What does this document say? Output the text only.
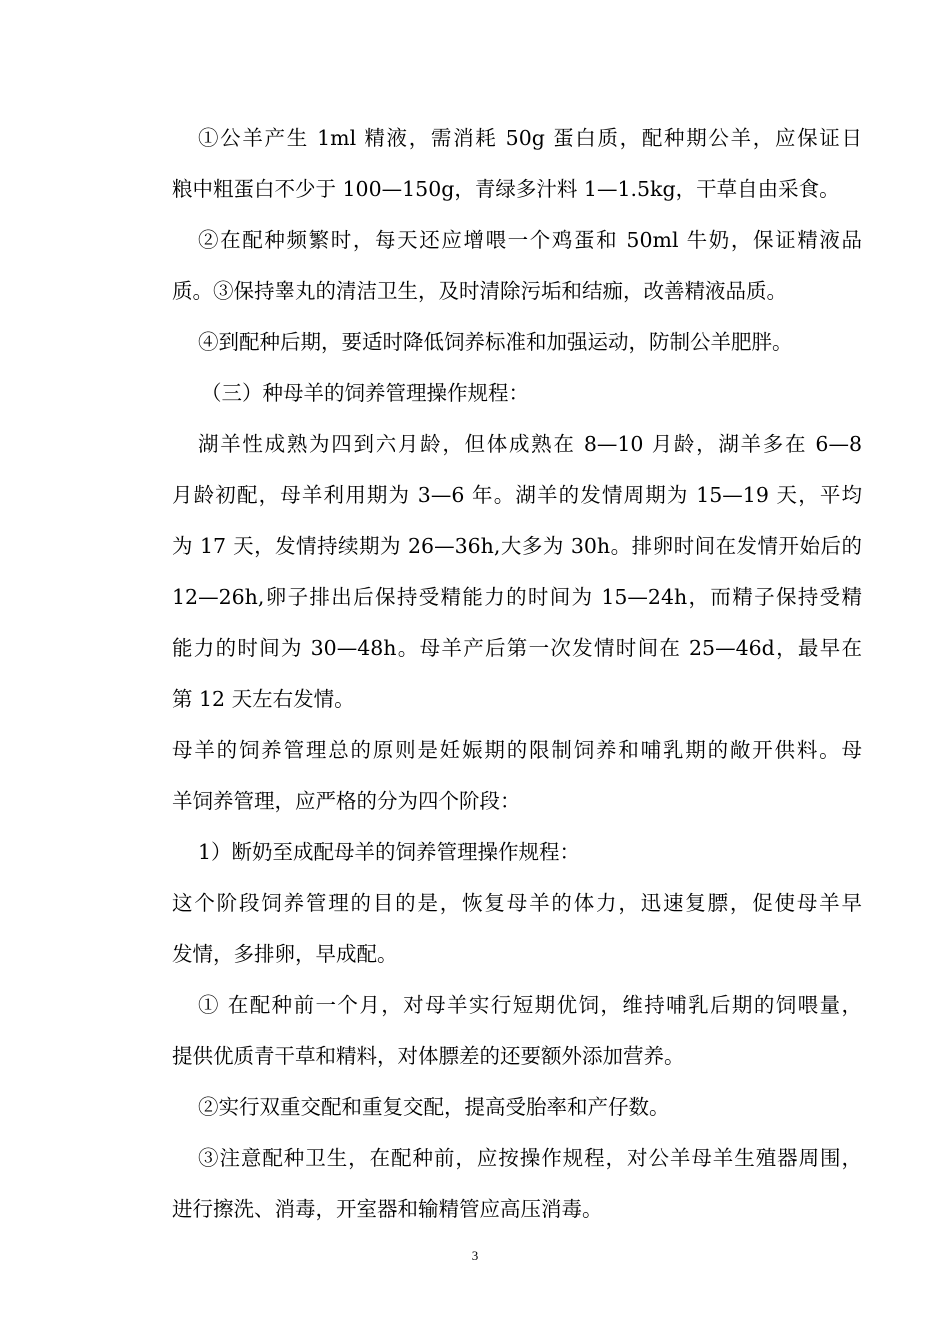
①公羊产生 1ml 精液，需消耗 50g 蛋白质，配种期公羊，应保证日
粮中粗蛋白不少于 100—150g，青绿多汁料 1—1.5kg，干草自由采食。
②在配种频繁时，每天还应增喂一个鸡蛋和 50ml 牛奶，保证精液品
质。③保持睾丸的清洁卫生，及时清除污垢和结痂，改善精液品质。
④到配种后期，要适时降低饲养标准和加强运动，防制公羊肥胖。
（三）种母羊的饲养管理操作规程：
湖羊性成熟为四到六月龄，但体成熟在 8—10 月龄，湖羊多在 6—8
月龄初配，母羊利用期为 3—6 年。湖羊的发情周期为 15—19 天，平均
为 17 天，发情持续期为 26—36h,大多为 30h。排卵时间在发情开始后的
12—26h,卵子排出后保持受精能力的时间为 15—24h，而精子保持受精
能力的时间为 30—48h。母羊产后第一次发情时间在 25—46d，最早在
第 12 天左右发情。
母羊的饲养管理总的原则是妊娠期的限制饲养和哺乳期的敞开供料。母
羊饲养管理，应严格的分为四个阶段：
1）断奶至成配母羊的饲养管理操作规程：
这个阶段饲养管理的目的是，恢复母羊的体力，迅速复膘，促使母羊早
发情，多排卵，早成配。
① 在配种前一个月，对母羊实行短期优饲，维持哺乳后期的饲喂量，
提供优质青干草和精料，对体膘差的还要额外添加营养。
②实行双重交配和重复交配，提高受胎率和产仔数。
③注意配种卫生，在配种前，应按操作规程，对公羊母羊生殖器周围，
进行擦洗、消毒，开室器和输精管应高压消毒。
3
